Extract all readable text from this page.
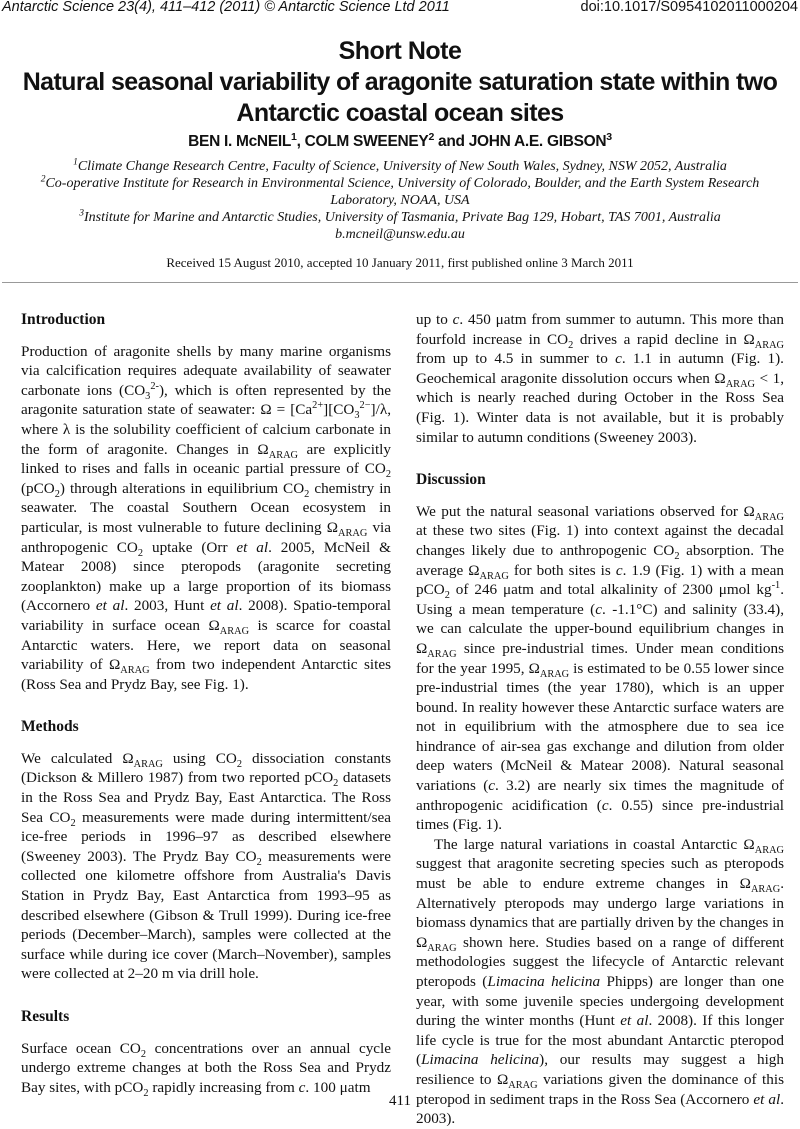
Antarctic Science 23(4), 411–412 (2011) © Antarctic Science Ltd 2011	doi:10.1017/S0954102011000204
Short Note
Natural seasonal variability of aragonite saturation state within two Antarctic coastal ocean sites
BEN I. McNEIL$^1$, COLM SWEENEY$^2$ and JOHN A.E. GIBSON$^3$
$^1$Climate Change Research Centre, Faculty of Science, University of New South Wales, Sydney, NSW 2052, Australia
$^2$Co-operative Institute for Research in Environmental Science, University of Colorado, Boulder, and the Earth System Research Laboratory, NOAA, USA
$^3$Institute for Marine and Antarctic Studies, University of Tasmania, Private Bag 129, Hobart, TAS 7001, Australia
b.mcneil@unsw.edu.au
Received 15 August 2010, accepted 10 January 2011, first published online 3 March 2011
Introduction

Production of aragonite shells by many marine organisms via calcification requires adequate availability of seawater carbonate ions $(CO_3^{2-})$, which is often represented by the aragonite saturation state of seawater: $\Omega = [Ca^{2+}][CO_3^{2-}]/\lambda$, where λ is the solubility coefficient of calcium carbonate in the form of aragonite. Changes in $\Omega_{ARAG}$ are explicitly linked to rises and falls in oceanic partial pressure of $CO_2$ (pCO$_2$) through alterations in equilibrium $CO_2$ chemistry in seawater. The coastal Southern Ocean ecosystem in particular, is most vulnerable to future declining $\Omega_{ARAG}$ via anthropogenic $CO_2$ uptake (Orr et al. 2005, McNeil & Matear 2008) since pteropods (aragonite secreting zooplankton) make up a large proportion of its biomass (Accornero et al. 2003, Hunt et al. 2008). Spatio-temporal variability in surface ocean $\Omega_{ARAG}$ is scarce for coastal Antarctic waters. Here, we report data on seasonal variability of $\Omega_{ARAG}$ from two independent Antarctic sites (Ross Sea and Prydz Bay, see Fig. 1).

Methods

We calculated $\Omega_{ARAG}$ using $CO_2$ dissociation constants (Dickson & Millero 1987) from two reported pCO$_2$ datasets in the Ross Sea and Prydz Bay, East Antarctica. The Ross Sea $CO_2$ measurements were made during intermittent/sea ice-free periods in 1996–97 as described elsewhere (Sweeney 2003). The Prydz Bay $CO_2$ measurements were collected one kilometre offshore from Australia's Davis Station in Prydz Bay, East Antarctica from 1993–95 as described elsewhere (Gibson & Trull 1999). During ice-free periods (December–March), samples were collected at the surface while during ice cover (March–November), samples were collected at 2–20 m via drill hole.

Results

Surface ocean $CO_2$ concentrations over an annual cycle undergo extreme changes at both the Ross Sea and Prydz Bay sites, with pCO$_2$ rapidly increasing from c. 100 μatm

up to c. 450 μatm from summer to autumn. This more than fourfold increase in $CO_2$ drives a rapid decline in $\Omega_{ARAG}$ from up to 4.5 in summer to c. 1.1 in autumn (Fig. 1). Geochemical aragonite dissolution occurs when $\Omega_{ARAG} < 1$, which is nearly reached during October in the Ross Sea (Fig. 1). Winter data is not available, but it is probably similar to autumn conditions (Sweeney 2003).

Discussion

We put the natural seasonal variations observed for $\Omega_{ARAG}$ at these two sites (Fig. 1) into context against the decadal changes likely due to anthropogenic $CO_2$ absorption. The average $\Omega_{ARAG}$ for both sites is c. 1.9 (Fig. 1) with a mean pCO$_2$ of 246 μatm and total alkalinity of 2300 μmol $kg^{-1}$. Using a mean temperature (c. -1.1°C) and salinity (33.4), we can calculate the upper-bound equilibrium changes in $\Omega_{ARAG}$ since pre-industrial times. Under mean conditions for the year 1995, $\Omega_{ARAG}$ is estimated to be 0.55 lower since pre-industrial times (the year 1780), which is an upper bound. In reality however these Antarctic surface waters are not in equilibrium with the atmosphere due to sea ice hindrance of air-sea gas exchange and dilution from older deep waters (McNeil & Matear 2008). Natural seasonal variations (c. 3.2) are nearly six times the magnitude of anthropogenic acidification (c. 0.55) since pre-industrial times (Fig. 1).

The large natural variations in coastal Antarctic $\Omega_{ARAG}$ suggest that aragonite secreting species such as pteropods must be able to endure extreme changes in $\Omega_{ARAG}$. Alternatively pteropods may undergo large variations in biomass dynamics that are partially driven by the changes in $\Omega_{ARAG}$ shown here. Studies based on a range of different methodologies suggest the lifecycle of Antarctic relevant pteropods (Limacina helicina Phipps) are longer than one year, with some juvenile species undergoing development during the winter months (Hunt et al. 2008). If this longer life cycle is true for the most abundant Antarctic pteropod (Limacina helicina), our results may suggest a high resilience to $\Omega_{ARAG}$ variations given the dominance of this pteropod in sediment traps in the Ross Sea (Accornero et al. 2003).

411
